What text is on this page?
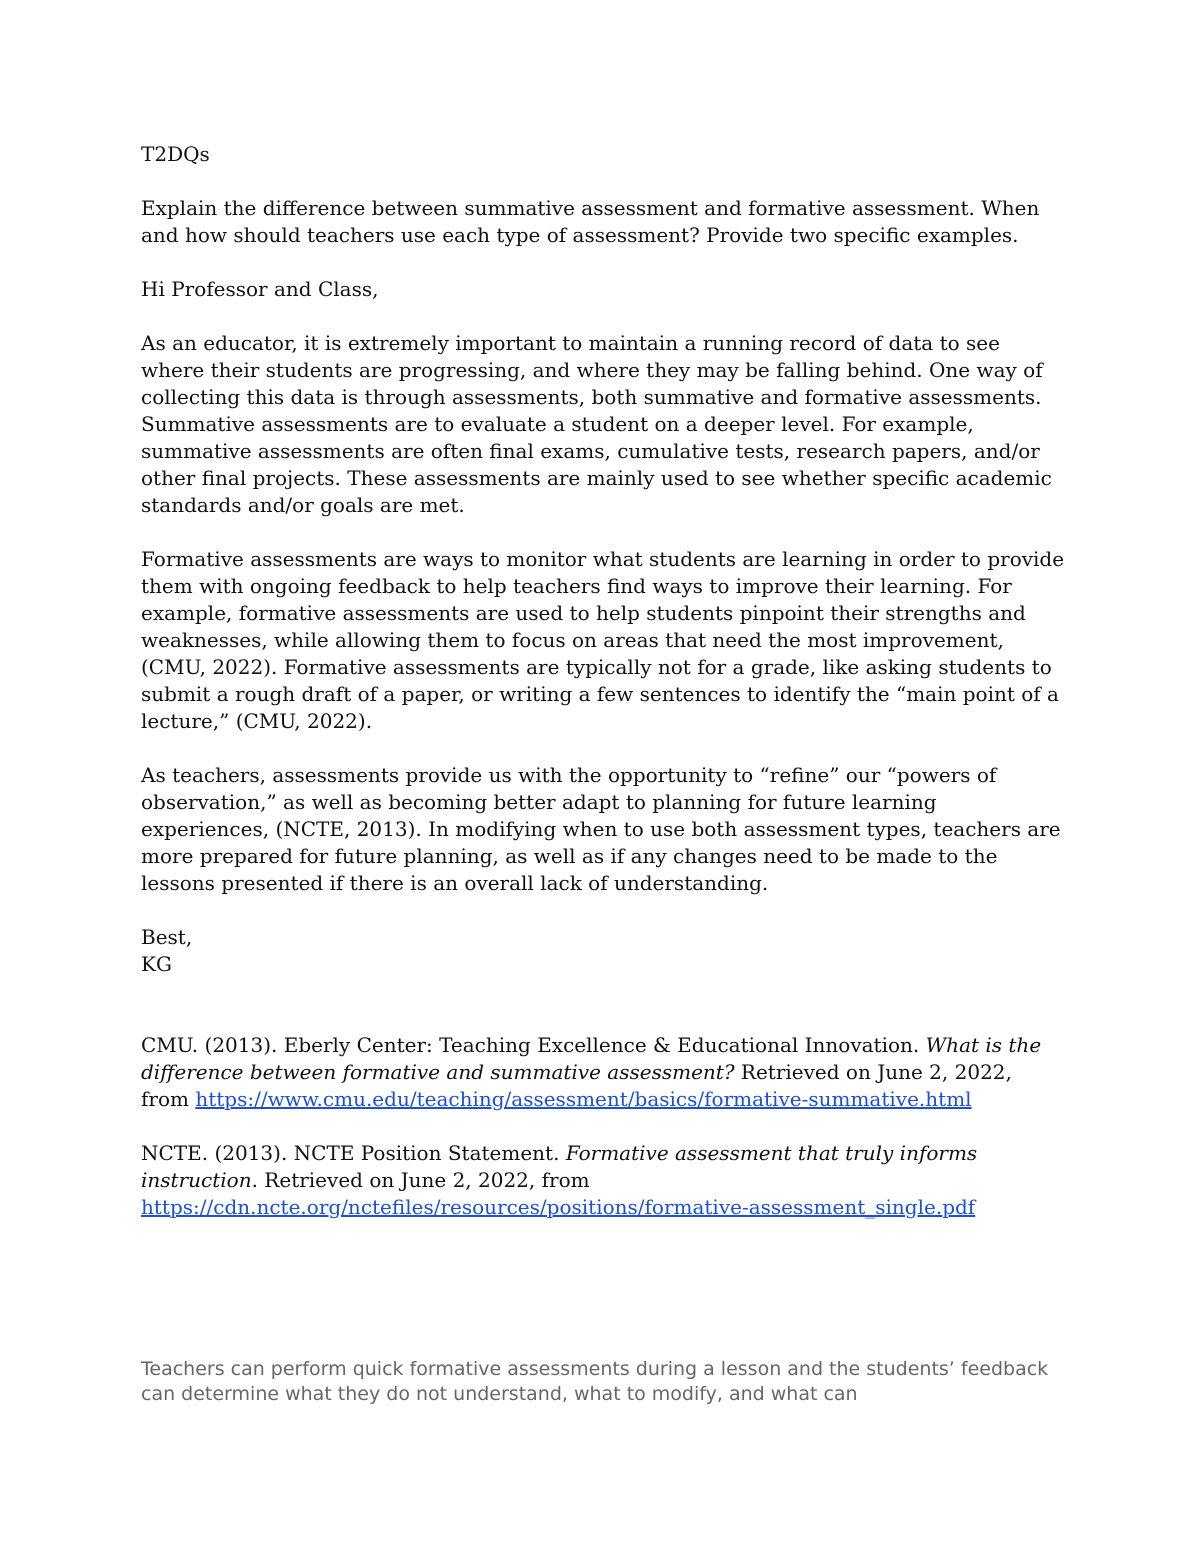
T2DQs

Explain the difference between summative assessment and formative assessment. When and how should teachers use each type of assessment? Provide two specific examples.

Hi Professor and Class,

As an educator, it is extremely important to maintain a running record of data to see where their students are progressing, and where they may be falling behind. One way of collecting this data is through assessments, both summative and formative assessments. Summative assessments are to evaluate a student on a deeper level. For example, summative assessments are often final exams, cumulative tests, research papers, and/or other final projects. These assessments are mainly used to see whether specific academic standards and/or goals are met.

Formative assessments are ways to monitor what students are learning in order to provide them with ongoing feedback to help teachers find ways to improve their learning. For example, formative assessments are used to help students pinpoint their strengths and weaknesses, while allowing them to focus on areas that need the most improvement, (CMU, 2022). Formative assessments are typically not for a grade, like asking students to submit a rough draft of a paper, or writing a few sentences to identify the “main point of a lecture,” (CMU, 2022).

As teachers, assessments provide us with the opportunity to “refine” our “powers of observation,” as well as becoming better adapt to planning for future learning experiences, (NCTE, 2013). In modifying when to use both assessment types, teachers are more prepared for future planning, as well as if any changes need to be made to the lessons presented if there is an overall lack of understanding.

Best,

KG

CMU. (2013). Eberly Center: Teaching Excellence & Educational Innovation. What is the difference between formative and summative assessment? Retrieved on June 2, 2022, from https://www.cmu.edu/teaching/assessment/basics/formative-summative.html

NCTE. (2013). NCTE Position Statement. Formative assessment that truly informs instruction. Retrieved on June 2, 2022, from https://cdn.ncte.org/nctefiles/resources/positions/formative-assessment_single.pdf

Teachers can perform quick formative assessments during a lesson and the students’ feedback can determine what they do not understand, what to modify, and what can
